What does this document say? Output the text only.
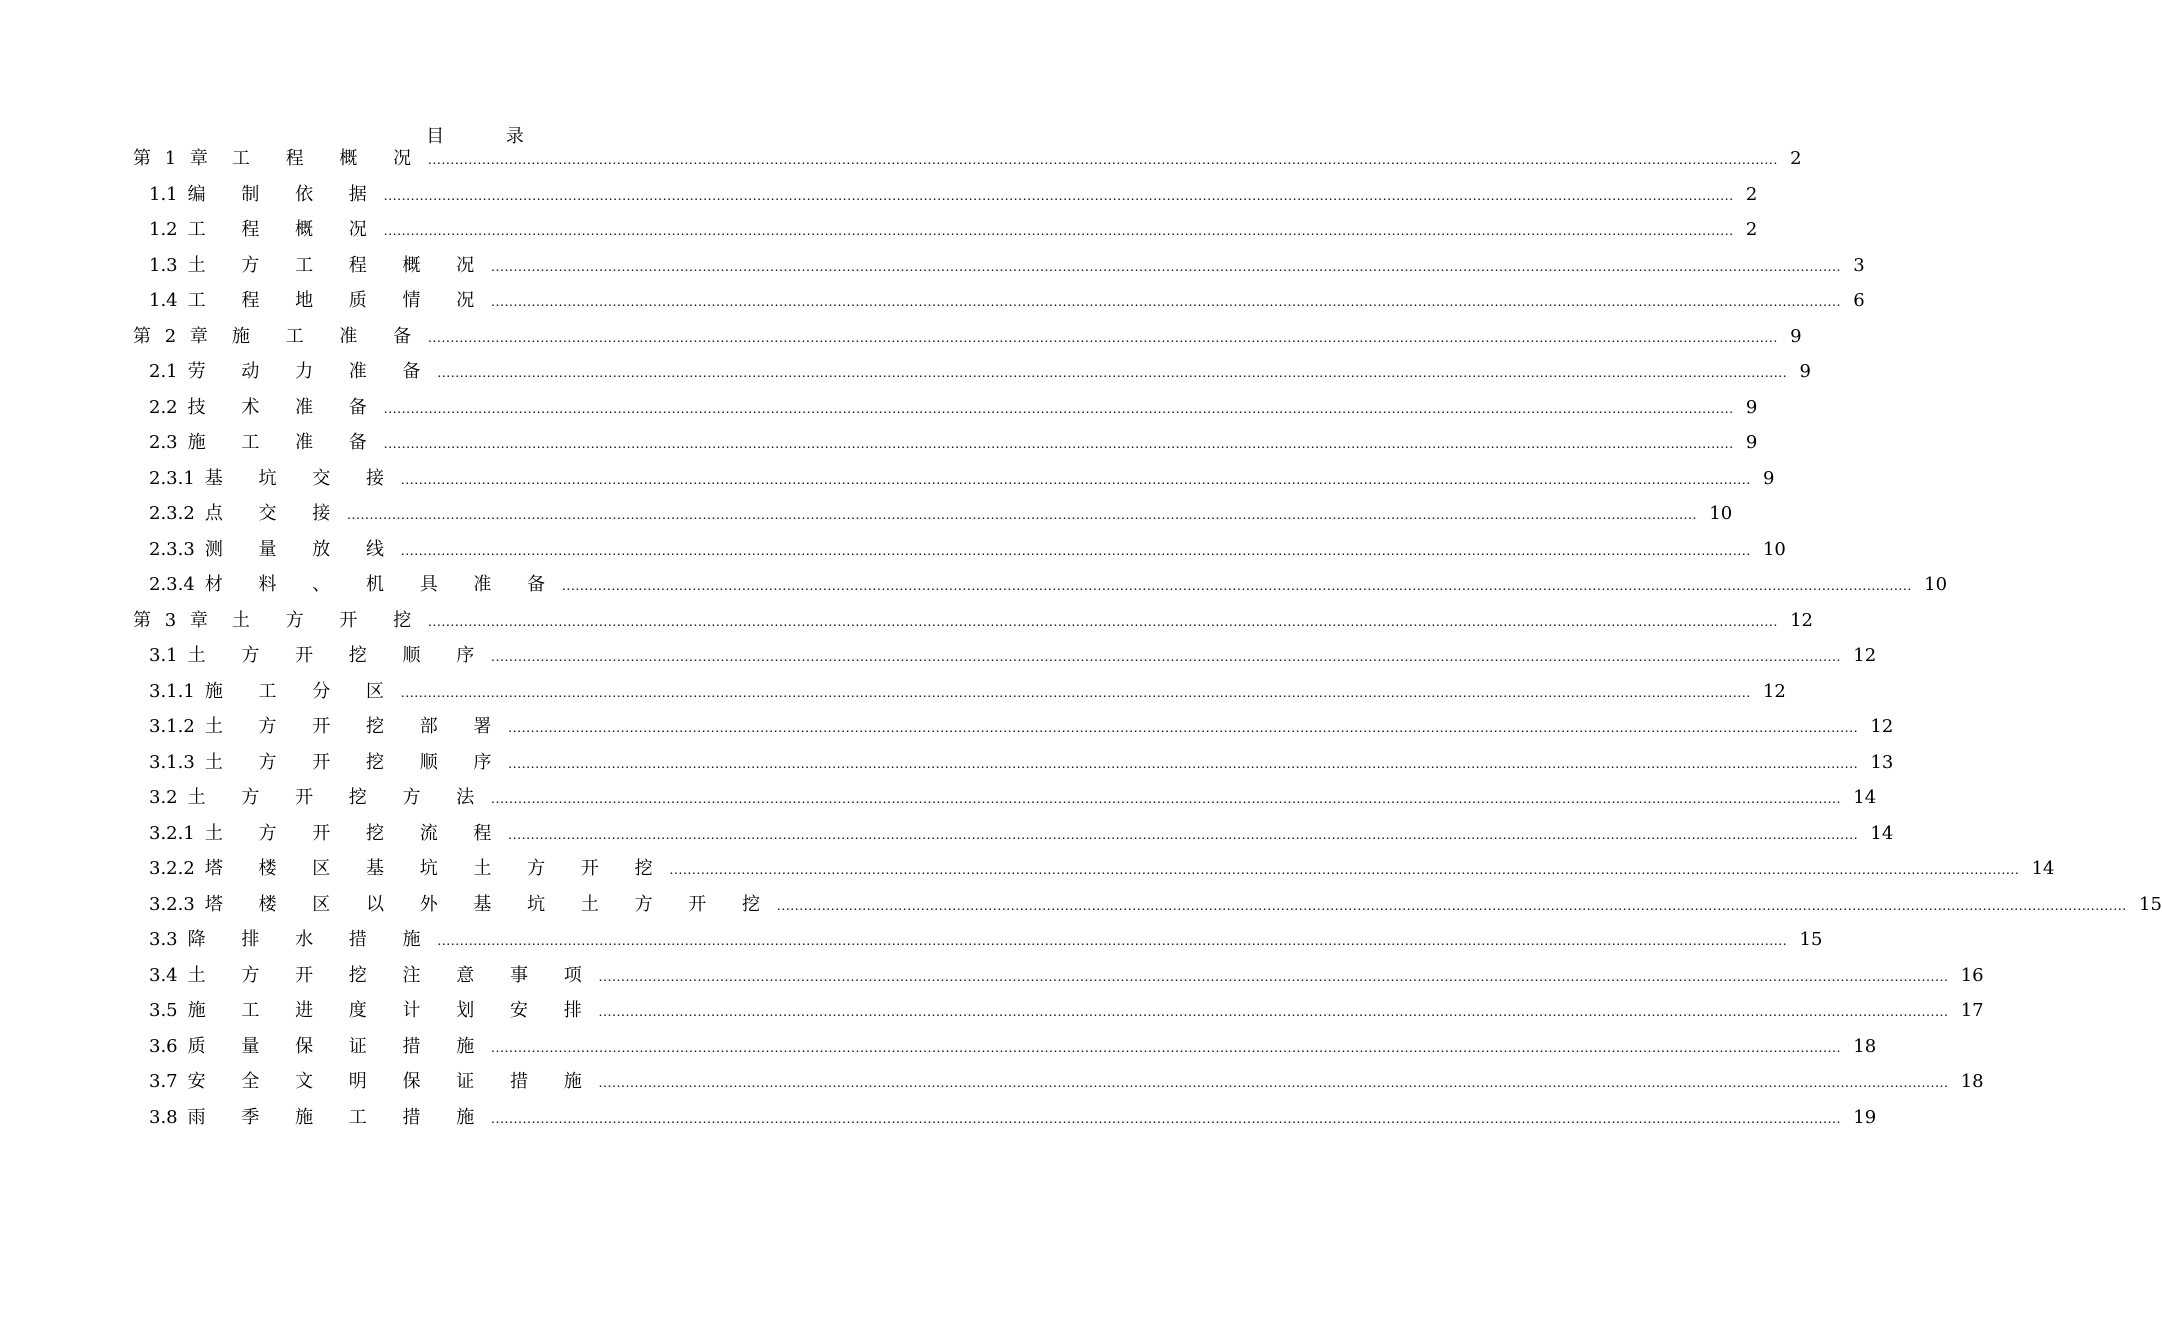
目 录
第 1 章 工 程 概 况 ............................................................................................................................................................................................................................................................................................................ 2
1.1 编 制 依 据 ............................................................................................................................................................................................................................................................................................................ 2
1.2 工 程 概 况 ............................................................................................................................................................................................................................................................................................................ 2
1.3 土 方 工 程 概 况 ............................................................................................................................................................................................................................................................................................................ 3
1.4 工 程 地 质 情 况 ............................................................................................................................................................................................................................................................................................................ 6
第 2 章 施 工 准 备 ............................................................................................................................................................................................................................................................................................................ 9
2.1 劳 动 力 准 备 ............................................................................................................................................................................................................................................................................................................ 9
2.2 技 术 准 备 ............................................................................................................................................................................................................................................................................................................ 9
2.3 施 工 准 备 ............................................................................................................................................................................................................................................................................................................ 9
2.3.1 基 坑 交 接 ............................................................................................................................................................................................................................................................................................................ 9
2.3.2 点 交 接 ............................................................................................................................................................................................................................................................................................................ 10
2.3.3 测 量 放 线 ............................................................................................................................................................................................................................................................................................................ 10
2.3.4 材 料 、 机 具 准 备 ............................................................................................................................................................................................................................................................................................................ 10
第 3 章 土 方 开 挖 ............................................................................................................................................................................................................................................................................................................ 12
3.1 土 方 开 挖 顺 序 ............................................................................................................................................................................................................................................................................................................ 12
3.1.1 施 工 分 区 ............................................................................................................................................................................................................................................................................................................ 12
3.1.2 土 方 开 挖 部 署 ............................................................................................................................................................................................................................................................................................................ 12
3.1.3 土 方 开 挖 顺 序 ............................................................................................................................................................................................................................................................................................................ 13
3.2 土 方 开 挖 方 法 ............................................................................................................................................................................................................................................................................................................ 14
3.2.1 土 方 开 挖 流 程 ............................................................................................................................................................................................................................................................................................................ 14
3.2.2 塔 楼 区 基 坑 土 方 开 挖 ............................................................................................................................................................................................................................................................................................................ 14
3.2.3 塔 楼 区 以 外 基 坑 土 方 开 挖 ............................................................................................................................................................................................................................................................................................................ 15
3.3 降 排 水 措 施 ............................................................................................................................................................................................................................................................................................................ 15
3.4 土 方 开 挖 注 意 事 项 ............................................................................................................................................................................................................................................................................................................ 16
3.5 施 工 进 度 计 划 安 排 ............................................................................................................................................................................................................................................................................................................ 17
3.6 质 量 保 证 措 施 ............................................................................................................................................................................................................................................................................................................ 18
3.7 安 全 文 明 保 证 措 施 ............................................................................................................................................................................................................................................................................................................ 18
3.8 雨 季 施 工 措 施 ............................................................................................................................................................................................................................................................................................................ 19
